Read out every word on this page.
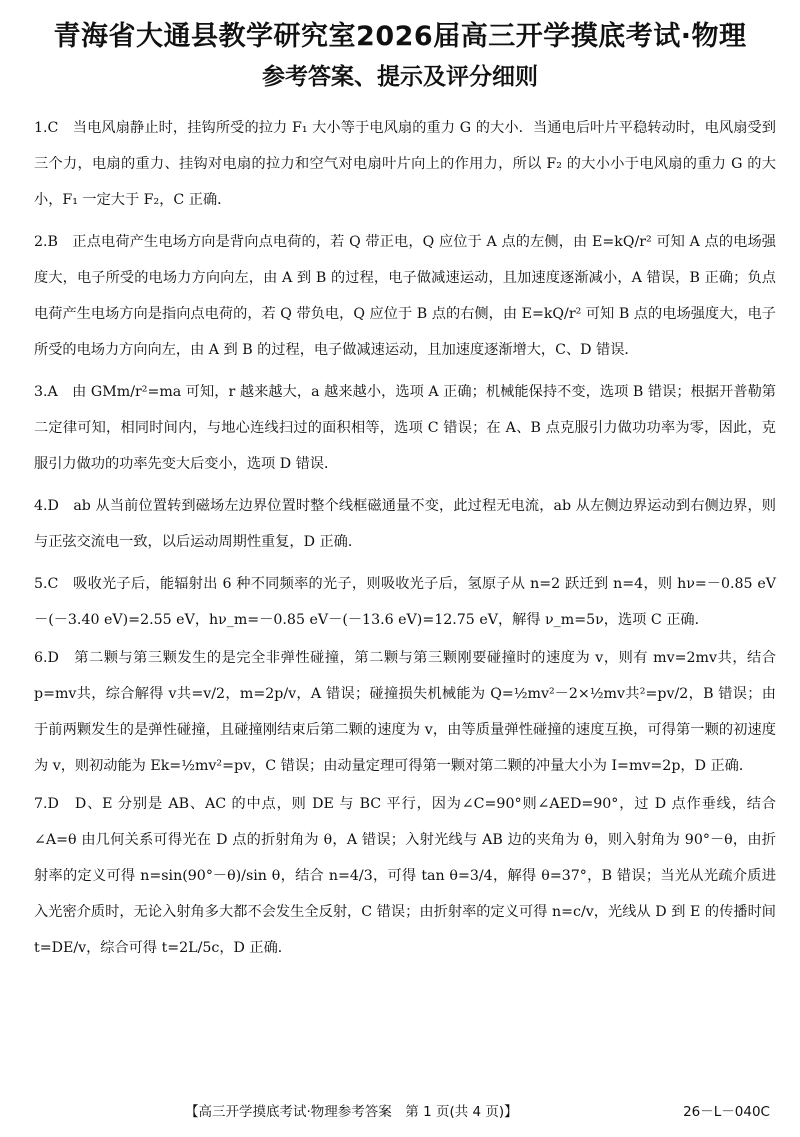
青海省大通县教学研究室2026届高三开学摸底考试·物理
参考答案、提示及评分细则

1.C　当电风扇静止时，挂钩所受的拉力 F₁ 大小等于电风扇的重力 G 的大小．当通电后叶片平稳转动时，电风扇受到三个力，电扇的重力、挂钩对电扇的拉力和空气对电扇叶片向上的作用力，所以 F₂ 的大小小于电风扇的重力 G 的大小，F₁ 一定大于 F₂，C 正确．

2.B　正点电荷产生电场方向是背向点电荷的，若 Q 带正电，Q 应位于 A 点的左侧，由 E=kQ/r² 可知 A 点的电场强度大，电子所受的电场力方向向左，由 A 到 B 的过程，电子做减速运动，且加速度逐渐减小，A 错误，B 正确；负点电荷产生电场方向是指向点电荷的，若 Q 带负电，Q 应位于 B 点的右侧，由 E=kQ/r² 可知 B 点的电场强度大，电子所受的电场力方向向左，由 A 到 B 的过程，电子做减速运动，且加速度逐渐增大，C、D 错误．

3.A　由 GMm/r²=ma 可知，r 越来越大，a 越来越小，选项 A 正确；机械能保持不变，选项 B 错误；根据开普勒第二定律可知，相同时间内，与地心连线扫过的面积相等，选项 C 错误；在 A、B 点克服引力做功功率为零，因此，克服引力做功的功率先变大后变小，选项 D 错误．

4.D　ab 从当前位置转到磁场左边界位置时整个线框磁通量不变，此过程无电流，ab 从左侧边界运动到右侧边界，则与正弦交流电一致，以后运动周期性重复，D 正确．

5.C　吸收光子后，能辐射出 6 种不同频率的光子，则吸收光子后，氢原子从 n=2 跃迁到 n=4，则 hν=－0.85 eV－(－3.40 eV)=2.55 eV，hν_m=－0.85 eV－(－13.6 eV)=12.75 eV，解得 ν_m=5ν，选项 C 正确．

6.D　第二颗与第三颗发生的是完全非弹性碰撞，第二颗与第三颗刚要碰撞时的速度为 v，则有 mv=2mv共，结合 p=mv共，综合解得 v共=v/2，m=2p/v，A 错误；碰撞损失机械能为 Q=½mv²－2×½mv共²=pv/2，B 错误；由于前两颗发生的是弹性碰撞，且碰撞刚结束后第二颗的速度为 v，由等质量弹性碰撞的速度互换，可得第一颗的初速度为 v，则初动能为 Ek=½mv²=pv，C 错误；由动量定理可得第一颗对第二颗的冲量大小为 I=mv=2p，D 正确．

7.D　D、E 分别是 AB、AC 的中点，则 DE 与 BC 平行，因为∠C=90°则∠AED=90°，过 D 点作垂线，结合∠A=θ 由几何关系可得光在 D 点的折射角为 θ，A 错误；入射光线与 AB 边的夹角为 θ，则入射角为 90°－θ，由折射率的定义可得 n=sin(90°－θ)/sin θ，结合 n=4/3，可得 tan θ=3/4，解得 θ=37°，B 错误；当光从光疏介质进入光密介质时，无论入射角多大都不会发生全反射，C 错误；由折射率的定义可得 n=c/v，光线从 D 到 E 的传播时间 t=DE/v，综合可得 t=2L/5c，D 正确．

【高三开学摸底考试·物理参考答案　第 1 页(共 4 页)】	26－L－040C
